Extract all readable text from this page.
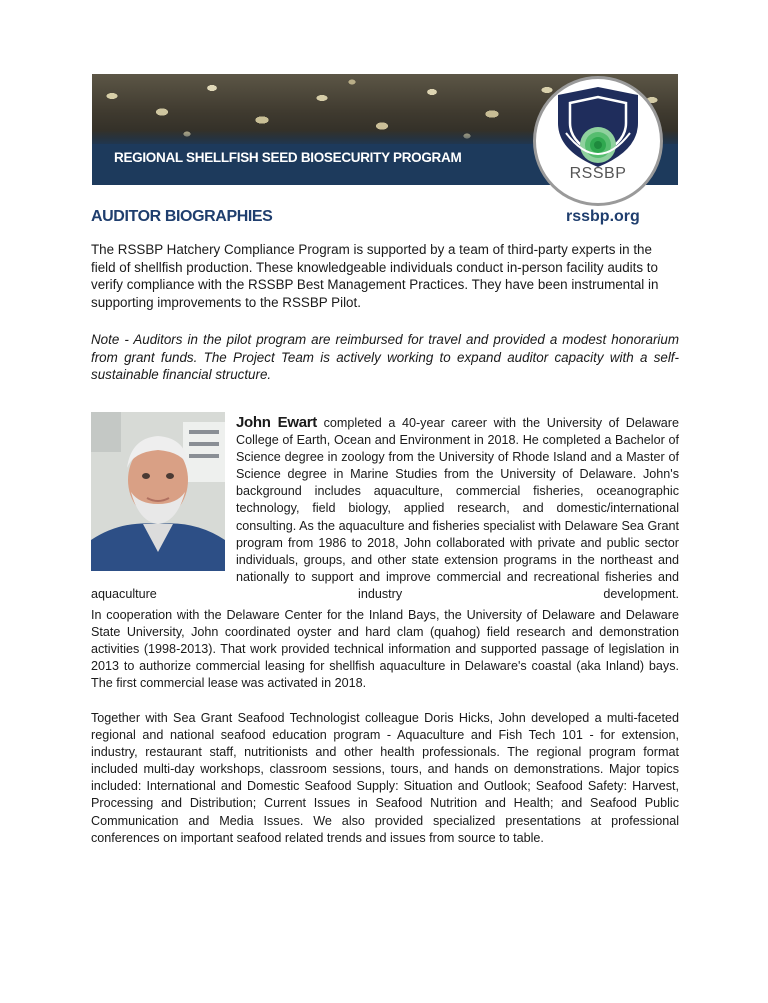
REGIONAL SHELLFISH SEED BIOSECURITY PROGRAM
RSSBP
AUDITOR BIOGRAPHIES	rssbp.org

The RSSBP Hatchery Compliance Program is supported by a team of third-party experts in the field of shellfish production. These knowledgeable individuals conduct in-person facility audits to verify compliance with the RSSBP Best Management Practices. They have been instrumental in supporting improvements to the RSSBP Pilot.

Note - Auditors in the pilot program are reimbursed for travel and provided a modest honorarium from grant funds. The Project Team is actively working to expand auditor capacity with a self-sustainable financial structure.

John Ewart completed a 40-year career with the University of Delaware College of Earth, Ocean and Environment in 2018. He completed a Bachelor of Science degree in zoology from the University of Rhode Island and a Master of Science degree in Marine Studies from the University of Delaware. John's background includes aquaculture, commercial fisheries, oceanographic technology, field biology, applied research, and domestic/international consulting. As the aquaculture and fisheries specialist with Delaware Sea Grant program from 1986 to 2018, John collaborated with private and public sector individuals, groups, and other state extension programs in the northeast and nationally to support and improve commercial and recreational fisheries and aquaculture industry development.

In cooperation with the Delaware Center for the Inland Bays, the University of Delaware and Delaware State University, John coordinated oyster and hard clam (quahog) field research and demonstration activities (1998-2013). That work provided technical information and supported passage of legislation in 2013 to authorize commercial leasing for shellfish aquaculture in Delaware's coastal (aka Inland) bays. The first commercial lease was activated in 2018.

Together with Sea Grant Seafood Technologist colleague Doris Hicks, John developed a multi-faceted regional and national seafood education program - Aquaculture and Fish Tech 101 - for extension, industry, restaurant staff, nutritionists and other health professionals. The regional program format included multi-day workshops, classroom sessions, tours, and hands on demonstrations. Major topics included: International and Domestic Seafood Supply: Situation and Outlook; Seafood Safety: Harvest, Processing and Distribution; Current Issues in Seafood Nutrition and Health; and Seafood Public Communication and Media Issues. We also provided specialized presentations at professional conferences on important seafood related trends and issues from source to table.
